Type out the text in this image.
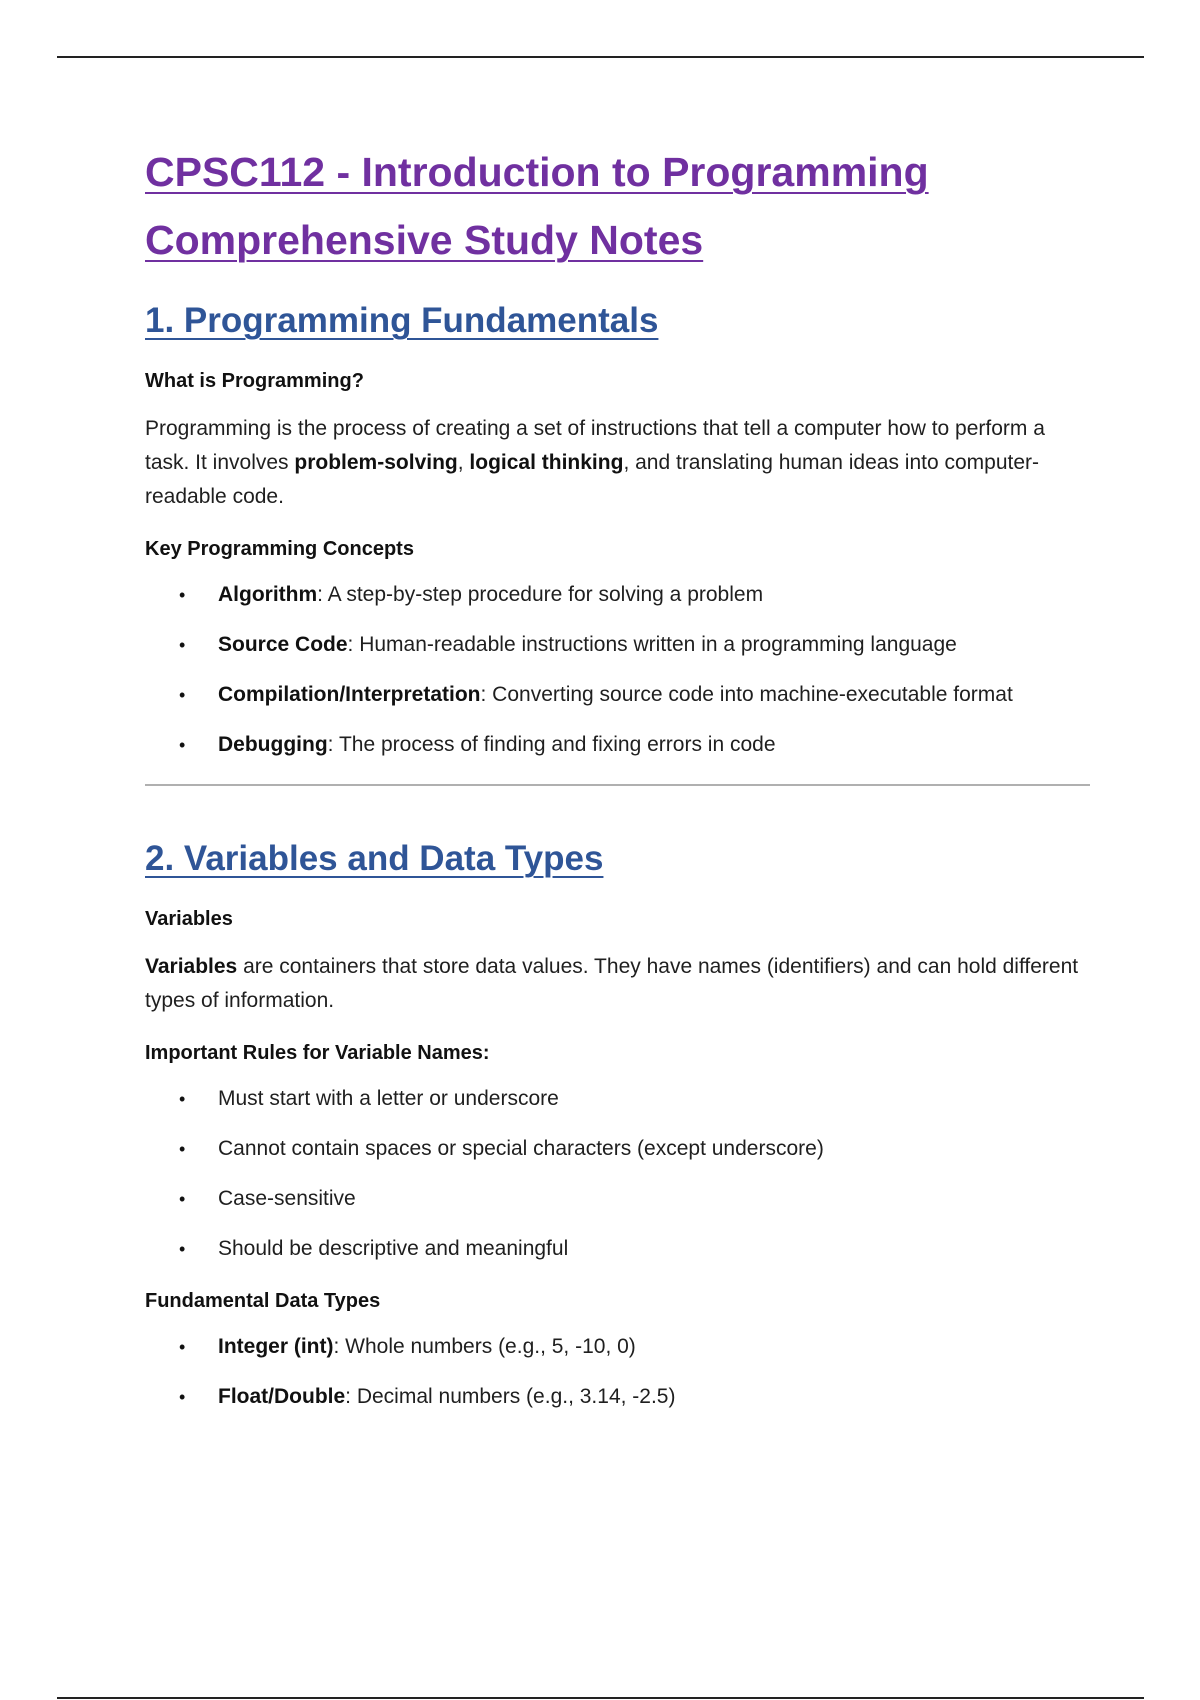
CPSC112 - Introduction to Programming
Comprehensive Study Notes
1. Programming Fundamentals
What is Programming?

Programming is the process of creating a set of instructions that tell a computer how to perform a task. It involves problem-solving, logical thinking, and translating human ideas into computer-readable code.

Key Programming Concepts
• Algorithm: A step-by-step procedure for solving a problem
• Source Code: Human-readable instructions written in a programming language
• Compilation/Interpretation: Converting source code into machine-executable format
• Debugging: The process of finding and fixing errors in code
2. Variables and Data Types
Variables

Variables are containers that store data values. They have names (identifiers) and can hold different types of information.

Important Rules for Variable Names:
• Must start with a letter or underscore
• Cannot contain spaces or special characters (except underscore)
• Case-sensitive
• Should be descriptive and meaningful
Fundamental Data Types
• Integer (int): Whole numbers (e.g., 5, -10, 0)
• Float/Double: Decimal numbers (e.g., 3.14, -2.5)
